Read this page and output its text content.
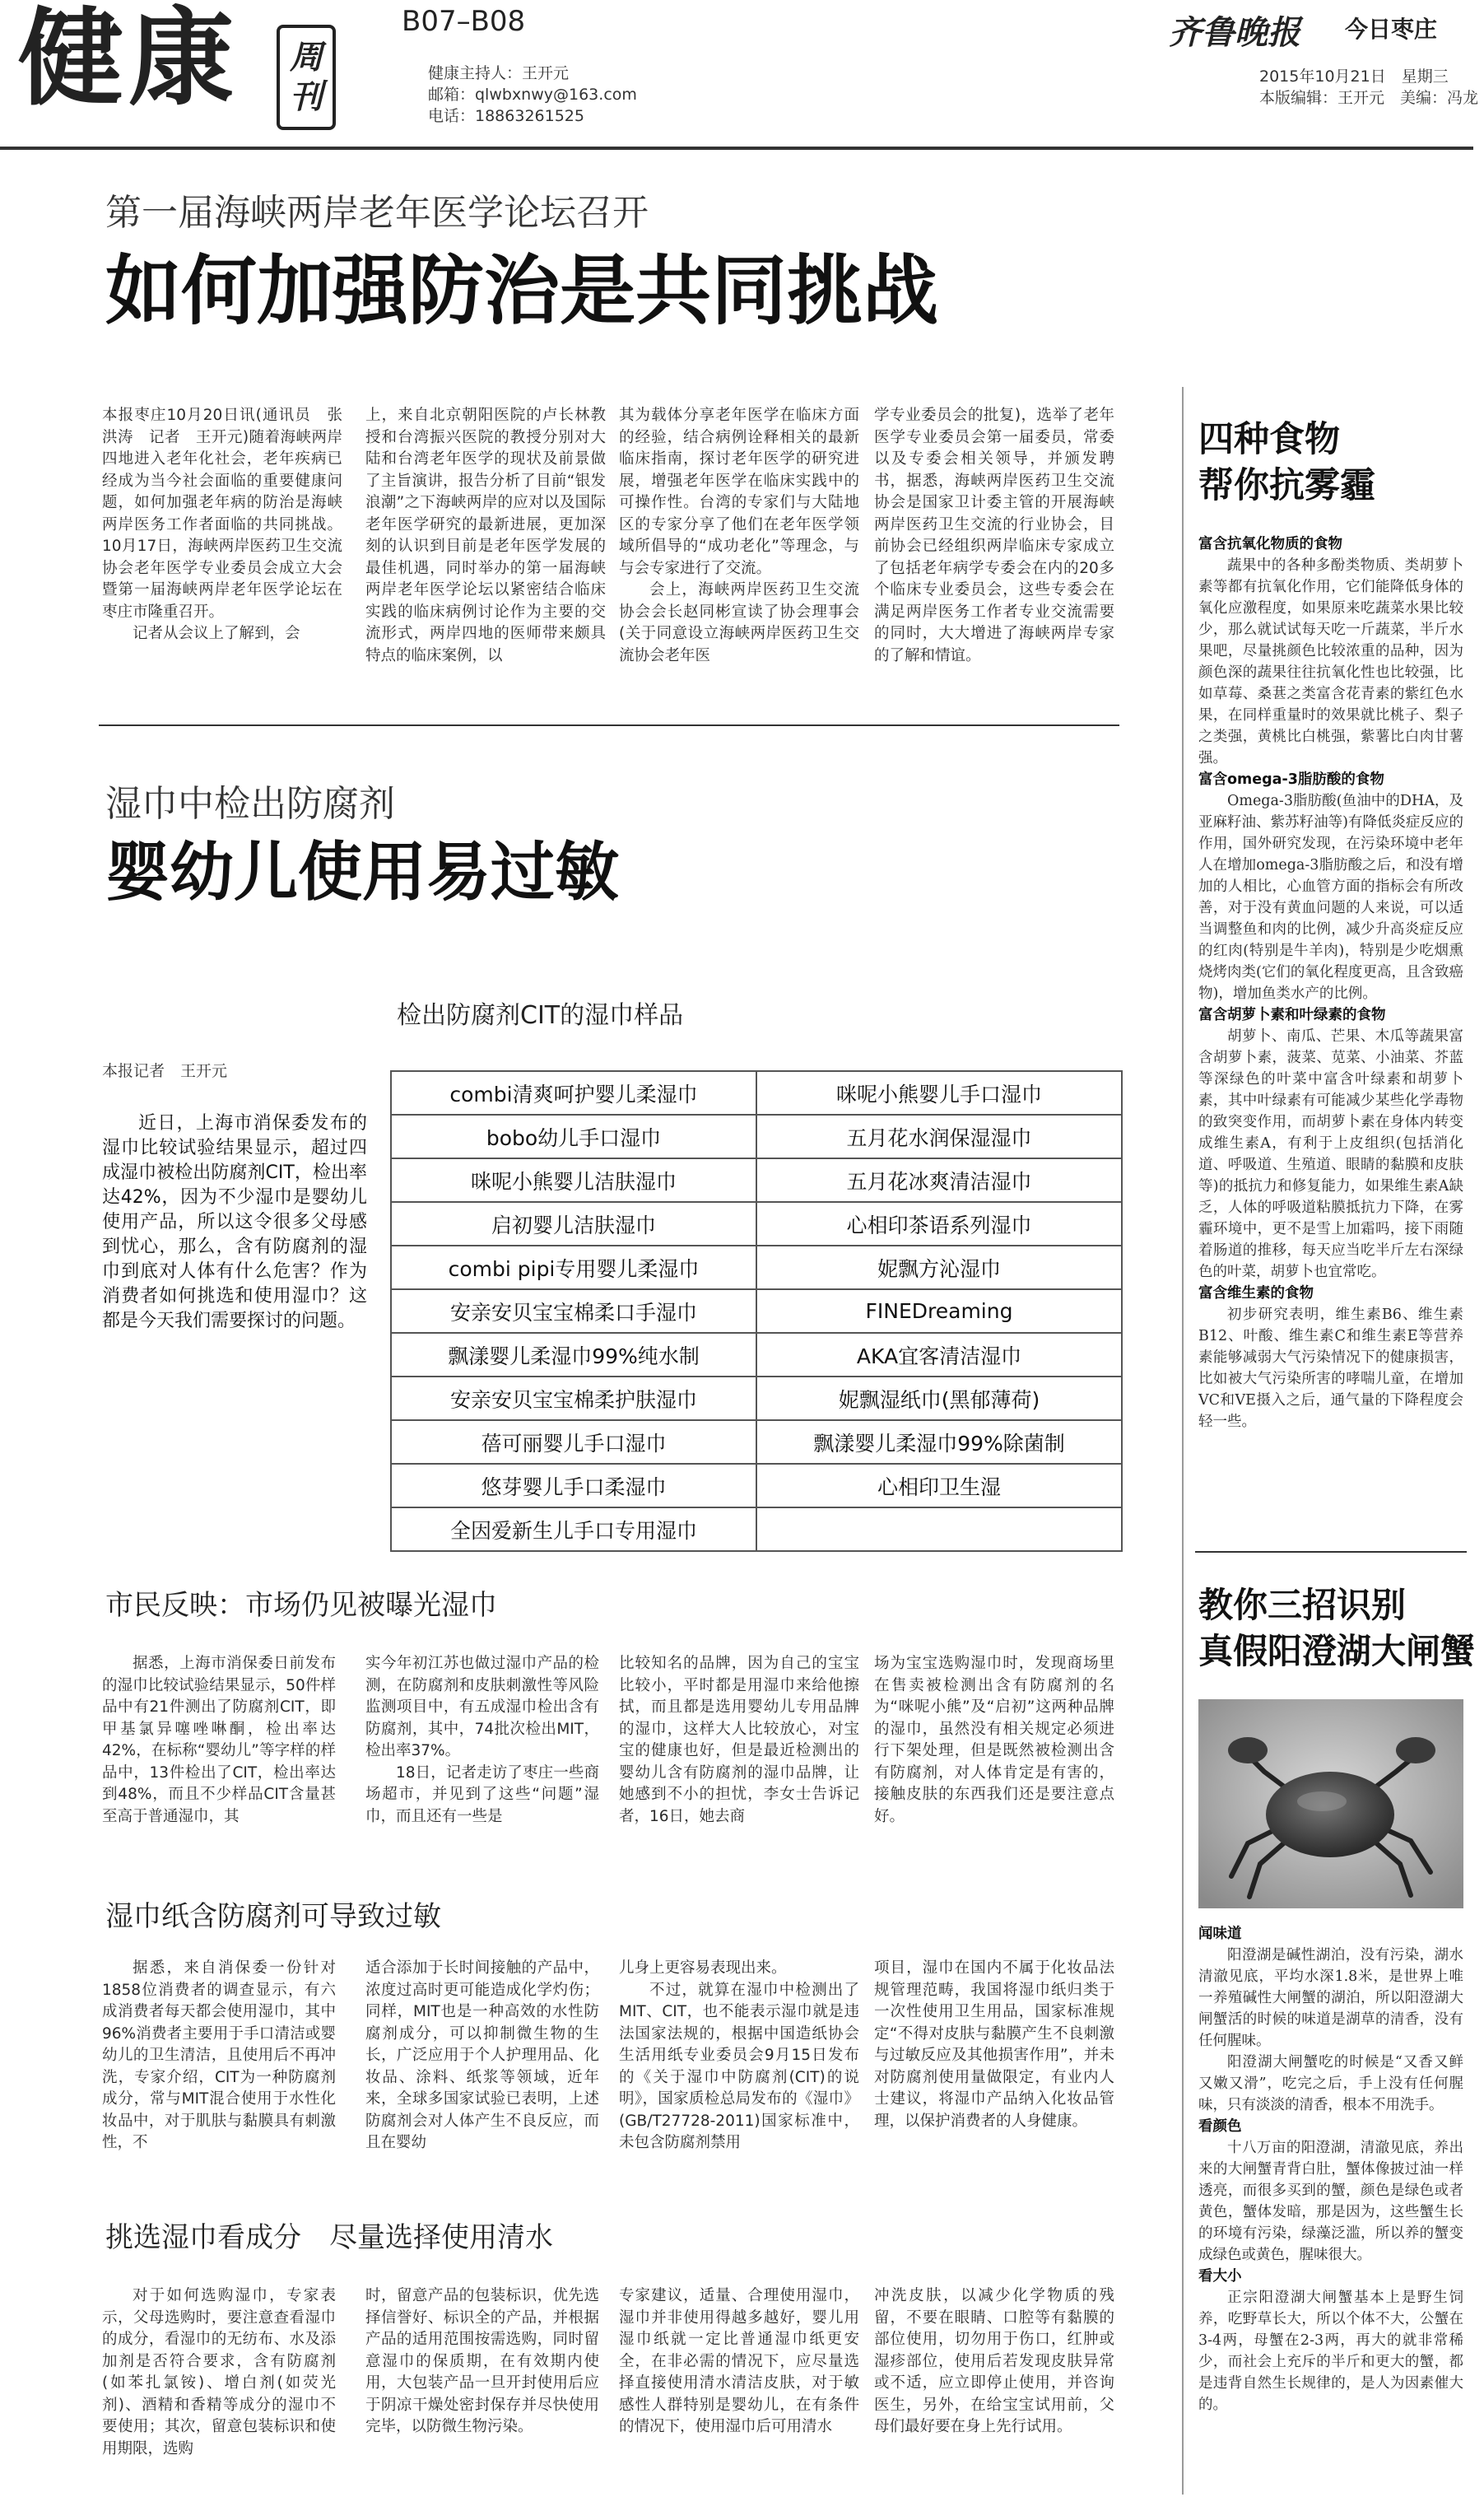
健康 周
刊
B07–B08
健康主持人：王开元
邮箱：qlwbxnwy@163.com
电话：18863261525
齐鲁晚报 今日枣庄
2015年10月21日　星期三
本版编辑：王开元　美编：冯龙
第一届海峡两岸老年医学论坛召开
如何加强防治是共同挑战
本报枣庄10月20日讯(通讯员　张洪涛　记者　王开元)随着海峡两岸四地进入老年化社会，老年疾病已经成为当今社会面临的重要健康问题，如何加强老年病的防治是海峡两岸医务工作者面临的共同挑战。10月17日，海峡两岸医药卫生交流协会老年医学专业委员会成立大会暨第一届海峡两岸老年医学论坛在枣庄市隆重召开。
记者从会议上了解到，会
上，来自北京朝阳医院的卢长林教授和台湾振兴医院的教授分别对大陆和台湾老年医学的现状及前景做了主旨演讲，报告分析了目前“银发浪潮”之下海峡两岸的应对以及国际老年医学研究的最新进展，更加深刻的认识到目前是老年医学发展的最佳机遇，同时举办的第一届海峡两岸老年医学论坛以紧密结合临床实践的临床病例讨论作为主要的交流形式，两岸四地的医师带来颇具特点的临床案例，以
其为载体分享老年医学在临床方面的经验，结合病例诠释相关的最新临床指南，探讨老年医学的研究进展，增强老年医学在临床实践中的可操作性。台湾的专家们与大陆地区的专家分享了他们在老年医学领域所倡导的“成功老化”等理念，与与会专家进行了交流。
会上，海峡两岸医药卫生交流协会会长赵同彬宣读了协会理事会(关于同意设立海峡两岸医药卫生交流协会老年医
学专业委员会的批复)，选举了老年医学专业委员会第一届委员，常委以及专委会相关领导，并颁发聘书，据悉，海峡两岸医药卫生交流协会是国家卫计委主管的开展海峡两岸医药卫生交流的行业协会，目前协会已经组织两岸临床专家成立了包括老年病学专委会在内的20多个临床专业委员会，这些专委会在满足两岸医务工作者专业交流需要的同时，大大增进了海峡两岸专家的了解和情谊。
湿巾中检出防腐剂
婴幼儿使用易过敏
检出防腐剂CIT的湿巾样品
本报记者　王开元
近日，上海市消保委发布的湿巾比较试验结果显示，超过四成湿巾被检出防腐剂CIT，检出率达42%，因为不少湿巾是婴幼儿使用产品，所以这令很多父母感到忧心，那么，含有防腐剂的湿巾到底对人体有什么危害？作为消费者如何挑选和使用湿巾？这都是今天我们需要探讨的问题。
combi清爽呵护婴儿柔湿巾	咪呢小熊婴儿手口湿巾
bobo幼儿手口湿巾	五月花水润保湿湿巾
咪呢小熊婴儿洁肤湿巾	五月花冰爽清洁湿巾
启初婴儿洁肤湿巾	心相印茶语系列湿巾
combi pipi专用婴儿柔湿巾	妮飘方沁湿巾
安亲安贝宝宝棉柔口手湿巾	FINEDreaming
飘漾婴儿柔湿巾99%纯水制	AKA宜客清洁湿巾
安亲安贝宝宝棉柔护肤湿巾	妮飘湿纸巾(黑郁薄荷)
蓓可丽婴儿手口湿巾	飘漾婴儿柔湿巾99%除菌制
悠芽婴儿手口柔湿巾	心相印卫生湿
全因爱新生儿手口专用湿巾	
市民反映：市场仍见被曝光湿巾
据悉，上海市消保委日前发布的湿巾比较试验结果显示，50件样品中有21件测出了防腐剂CIT，即甲基氯异噻唑啉酮，检出率达42%，在标称“婴幼儿”等字样的样品中，13件检出了CIT，检出率达到48%，而且不少样品CIT含量甚至高于普通湿巾，其
实今年初江苏也做过湿巾产品的检测，在防腐剂和皮肤刺激性等风险监测项目中，有五成湿巾检出含有防腐剂，其中，74批次检出MIT，检出率37%。
18日，记者走访了枣庄一些商场超市，并见到了这些“问题”湿巾，而且还有一些是
比较知名的品牌，因为自己的宝宝比较小，平时都是用湿巾来给他擦拭，而且都是选用婴幼儿专用品牌的湿巾，这样大人比较放心，对宝宝的健康也好，但是最近检测出的婴幼儿含有防腐剂的湿巾品牌，让她感到不小的担忧，李女士告诉记者，16日，她去商
场为宝宝选购湿巾时，发现商场里在售卖被检测出含有防腐剂的名为“咪呢小熊”及“启初”这两种品牌的湿巾，虽然没有相关规定必须进行下架处理，但是既然被检测出含有防腐剂，对人体肯定是有害的，接触皮肤的东西我们还是要注意点好。
湿巾纸含防腐剂可导致过敏
据悉，来自消保委一份针对1858位消费者的调查显示，有六成消费者每天都会使用湿巾，其中96%消费者主要用于手口清洁或婴幼儿的卫生清洁，且使用后不再冲洗，专家介绍，CIT为一种防腐剂成分，常与MIT混合使用于水性化妆品中，对于肌肤与黏膜具有刺激性，不
适合添加于长时间接触的产品中，浓度过高时更可能造成化学灼伤；同样，MIT也是一种高效的水性防腐剂成分，可以抑制微生物的生长，广泛应用于个人护理用品、化妆品、涂料、纸浆等领域，近年来，全球多国家试验已表明，上述防腐剂会对人体产生不良反应，而且在婴幼
儿身上更容易表现出来。
不过，就算在湿巾中检测出了MIT、CIT，也不能表示湿巾就是违法国家法规的，根据中国造纸协会生活用纸专业委员会9月15日发布的《关于湿巾中防腐剂(CIT)的说明》，国家质检总局发布的《湿巾》(GB/T27728-2011)国家标准中，未包含防腐剂禁用
项目，湿巾在国内不属于化妆品法规管理范畴，我国将湿巾纸归类于一次性使用卫生用品，国家标准规定“不得对皮肤与黏膜产生不良刺激与过敏反应及其他损害作用”，并未对防腐剂使用量做限定，有业内人士建议，将湿巾产品纳入化妆品管理，以保护消费者的人身健康。
挑选湿巾看成分　尽量选择使用清水
对于如何选购湿巾，专家表示，父母选购时，要注意查看湿巾的成分，看湿巾的无纺布、水及添加剂是否符合要求，含有防腐剂(如苯扎氯铵)、增白剂(如荧光剂)、酒精和香精等成分的湿巾不要使用；其次，留意包装标识和使用期限，选购
时，留意产品的包装标识，优先选择信誉好、标识全的产品，并根据产品的适用范围按需选购，同时留意湿巾的保质期，在有效期内使用，大包装产品一旦开封使用后应于阴凉干燥处密封保存并尽快使用完毕，以防微生物污染。
专家建议，适量、合理使用湿巾，湿巾并非使用得越多越好，婴儿用湿巾纸就一定比普通湿巾纸更安全，在非必需的情况下，应尽量选择直接使用清水清洁皮肤，对于敏感性人群特别是婴幼儿，在有条件的情况下，使用湿巾后可用清水
冲洗皮肤，以减少化学物质的残留，不要在眼睛、口腔等有黏膜的部位使用，切勿用于伤口，红肿或湿疹部位，使用后若发现皮肤异常或不适，应立即停止使用，并咨询医生，另外，在给宝宝试用前，父母们最好要在身上先行试用。
四种食物
帮你抗雾霾

富含抗氧化物质的食物

蔬果中的各种多酚类物质、类胡萝卜素等都有抗氧化作用，它们能降低身体的氧化应激程度，如果原来吃蔬菜水果比较少，那么就试试每天吃一斤蔬菜，半斤水果吧，尽量挑颜色比较浓重的品种，因为颜色深的蔬果往往抗氧化性也比较强，比如草莓、桑葚之类富含花青素的紫红色水果，在同样重量时的效果就比桃子、梨子之类强，黄桃比白桃强，紫薯比白肉甘薯强。

富含omega-3脂肪酸的食物

Omega-3脂肪酸(鱼油中的DHA，及亚麻籽油、紫苏籽油等)有降低炎症反应的作用，国外研究发现，在污染环境中老年人在增加omega-3脂肪酸之后，和没有增加的人相比，心血管方面的指标会有所改善，对于没有黄血问题的人来说，可以适当调整鱼和肉的比例，减少升高炎症反应的红肉(特别是牛羊肉)，特别是少吃烟熏烧烤肉类(它们的氧化程度更高，且含致癌物)，增加鱼类水产的比例。

富含胡萝卜素和叶绿素的食物

胡萝卜、南瓜、芒果、木瓜等蔬果富含胡萝卜素，菠菜、苋菜、小油菜、芥蓝等深绿色的叶菜中富含叶绿素和胡萝卜素，其中叶绿素有可能减少某些化学毒物的致突变作用，而胡萝卜素在身体内转变成维生素A，有利于上皮组织(包括消化道、呼吸道、生殖道、眼睛的黏膜和皮肤等)的抵抗力和修复能力，如果维生素A缺乏，人体的呼吸道粘膜抵抗力下降，在雾霾环境中，更不是雪上加霜吗，接下雨随着肠道的推移，每天应当吃半斤左右深绿色的叶菜，胡萝卜也宜常吃。

富含维生素的食物

初步研究表明，维生素B6、维生素B12、叶酸、维生素C和维生素E等营养素能够减弱大气污染情况下的健康损害，比如被大气污染所害的哮喘儿童，在增加VC和VE摄入之后，通气量的下降程度会轻一些。

教你三招识别
真假阳澄湖大闸蟹

闻味道

阳澄湖是碱性湖泊，没有污染，湖水清澈见底，平均水深1.8米，是世界上唯一养殖碱性大闸蟹的湖泊，所以阳澄湖大闸蟹活的时候的味道是湖草的清香，没有任何腥味。

阳澄湖大闸蟹吃的时候是“又香又鲜又嫩又滑”，吃完之后，手上没有任何腥味，只有淡淡的清香，根本不用洗手。

看颜色

十八万亩的阳澄湖，清澈见底，养出来的大闸蟹青背白肚，蟹体像披过油一样透亮，而很多买到的蟹，颜色是绿色或者黄色，蟹体发暗，那是因为，这些蟹生长的环境有污染，绿藻泛滥，所以养的蟹变成绿色或黄色，腥味很大。

看大小

正宗阳澄湖大闸蟹基本上是野生饲养，吃野草长大，所以个体不大，公蟹在3-4两，母蟹在2-3两，再大的就非常稀少，而社会上充斥的半斤和更大的蟹，都是违背自然生长规律的，是人为因素催大的。
